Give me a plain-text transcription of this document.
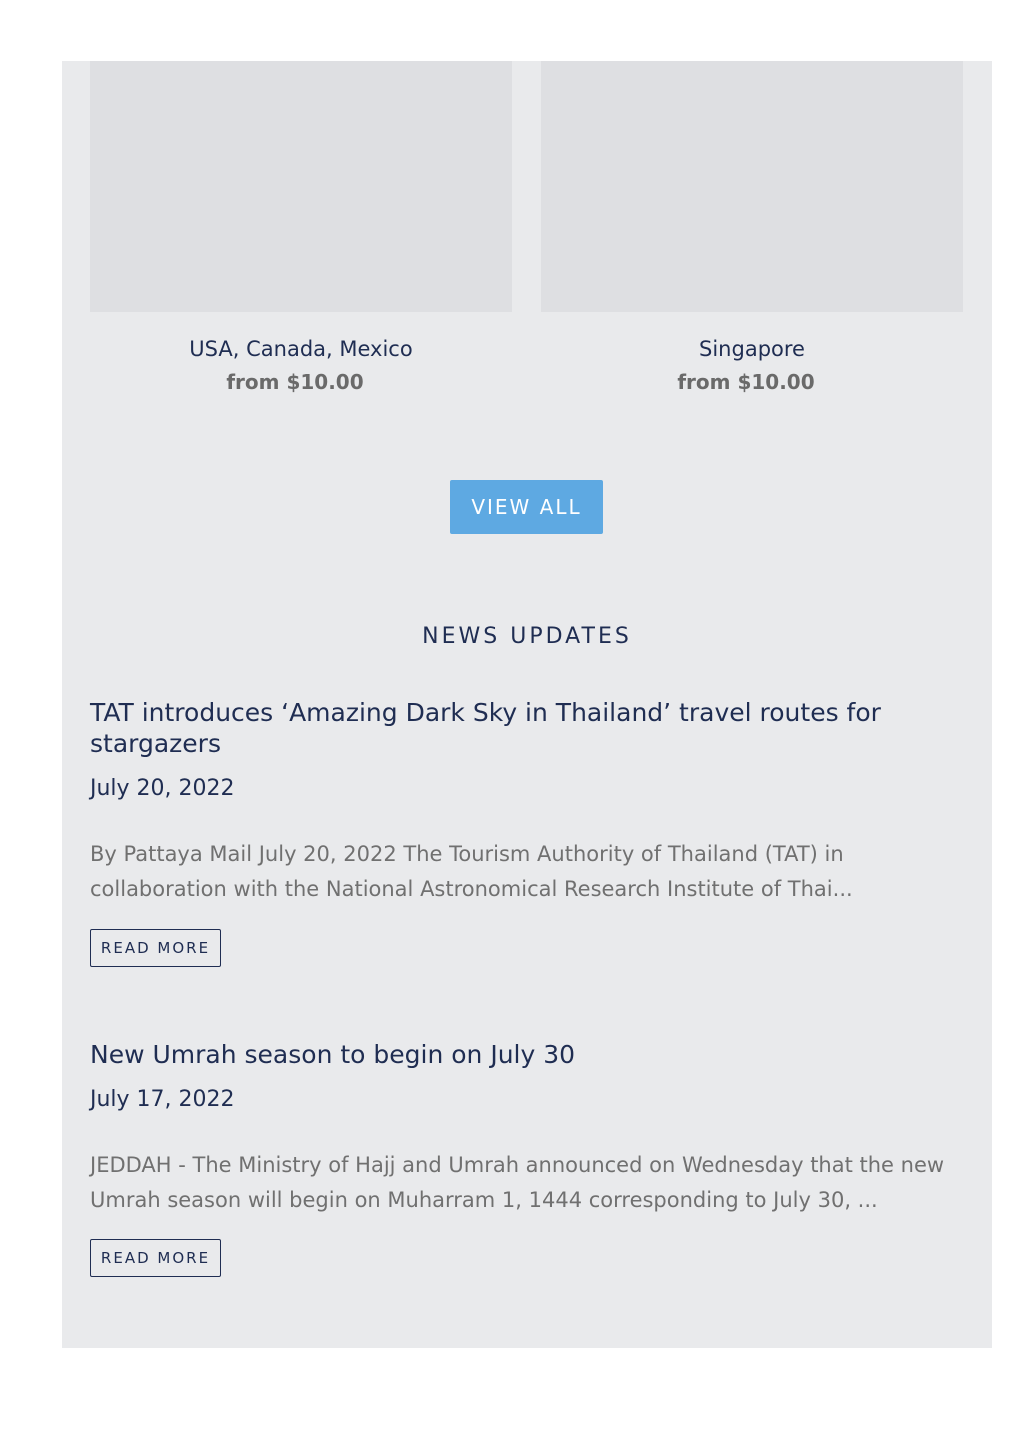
USA, Canada, Mexico
from $10.00
Singapore
from $10.00
VIEW ALL
NEWS UPDATES
TAT introduces ‘Amazing Dark Sky in Thailand’ travel routes for stargazers
July 20, 2022
By Pattaya Mail July 20, 2022 The Tourism Authority of Thailand (TAT) in collaboration with the National Astronomical Research Institute of Thai...
READ MORE
New Umrah season to begin on July 30
July 17, 2022
JEDDAH - The Ministry of Hajj and Umrah announced on Wednesday that the new Umrah season will begin on Muharram 1, 1444 corresponding to July 30, ...
READ MORE
